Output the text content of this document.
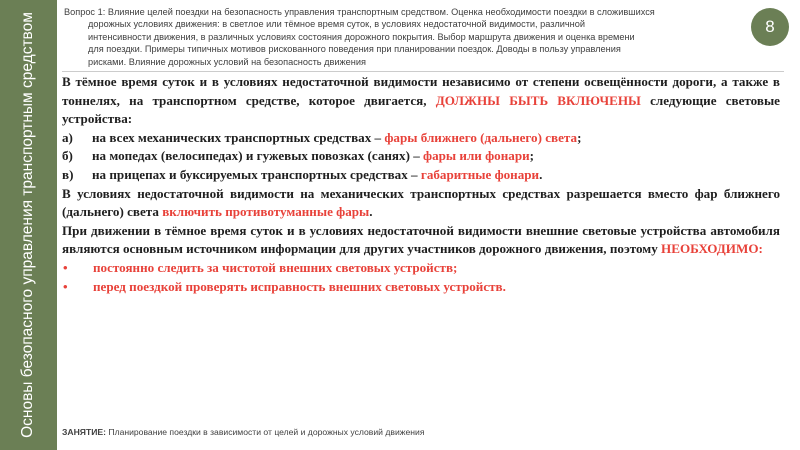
Основы безопасного управления транспортным средством
Вопрос 1: Влияние целей поездки на безопасность управления транспортным средством. Оценка необходимости поездки в сложившихся
дорожных условиях движения: в светлое или тёмное время суток, в условиях недостаточной видимости, различной
интенсивности движения, в различных условиях состояния дорожного покрытия. Выбор маршрута движения и оценка времени
для поездки. Примеры типичных мотивов рискованного поведения при планировании поездок. Доводы в пользу управления
рисками. Влияние дорожных условий на безопасность движения
8

В тёмное время суток и в условиях недостаточной видимости независимо от степени освещённости дороги, а также в тоннелях, на транспортном средстве, которое двигается, ДОЛЖНЫ БЫТЬ ВКЛЮЧЕНЫ следующие световые устройства:

а)	на всех механических транспортных средствах – фары ближнего (дальнего) света;
б)	на мопедах (велосипедах) и гужевых повозках (санях) – фары или фонари;
в)	на прицепах и буксируемых транспортных средствах – габаритные фонари.

В условиях недостаточной видимости на механических транспортных средствах разрешается вместо фар ближнего (дальнего) света включить противотуманные фары.

При движении в тёмное время суток и в условиях недостаточной видимости внешние световые устройства автомобиля являются основным источником информации для других участников дорожного движения, поэтому НЕОБХОДИМО:

•	постоянно следить за чистотой внешних световых устройств;
•	перед поездкой проверять исправность внешних световых устройств.
ЗАНЯТИЕ: Планирование поездки в зависимости от целей и дорожных условий движения
